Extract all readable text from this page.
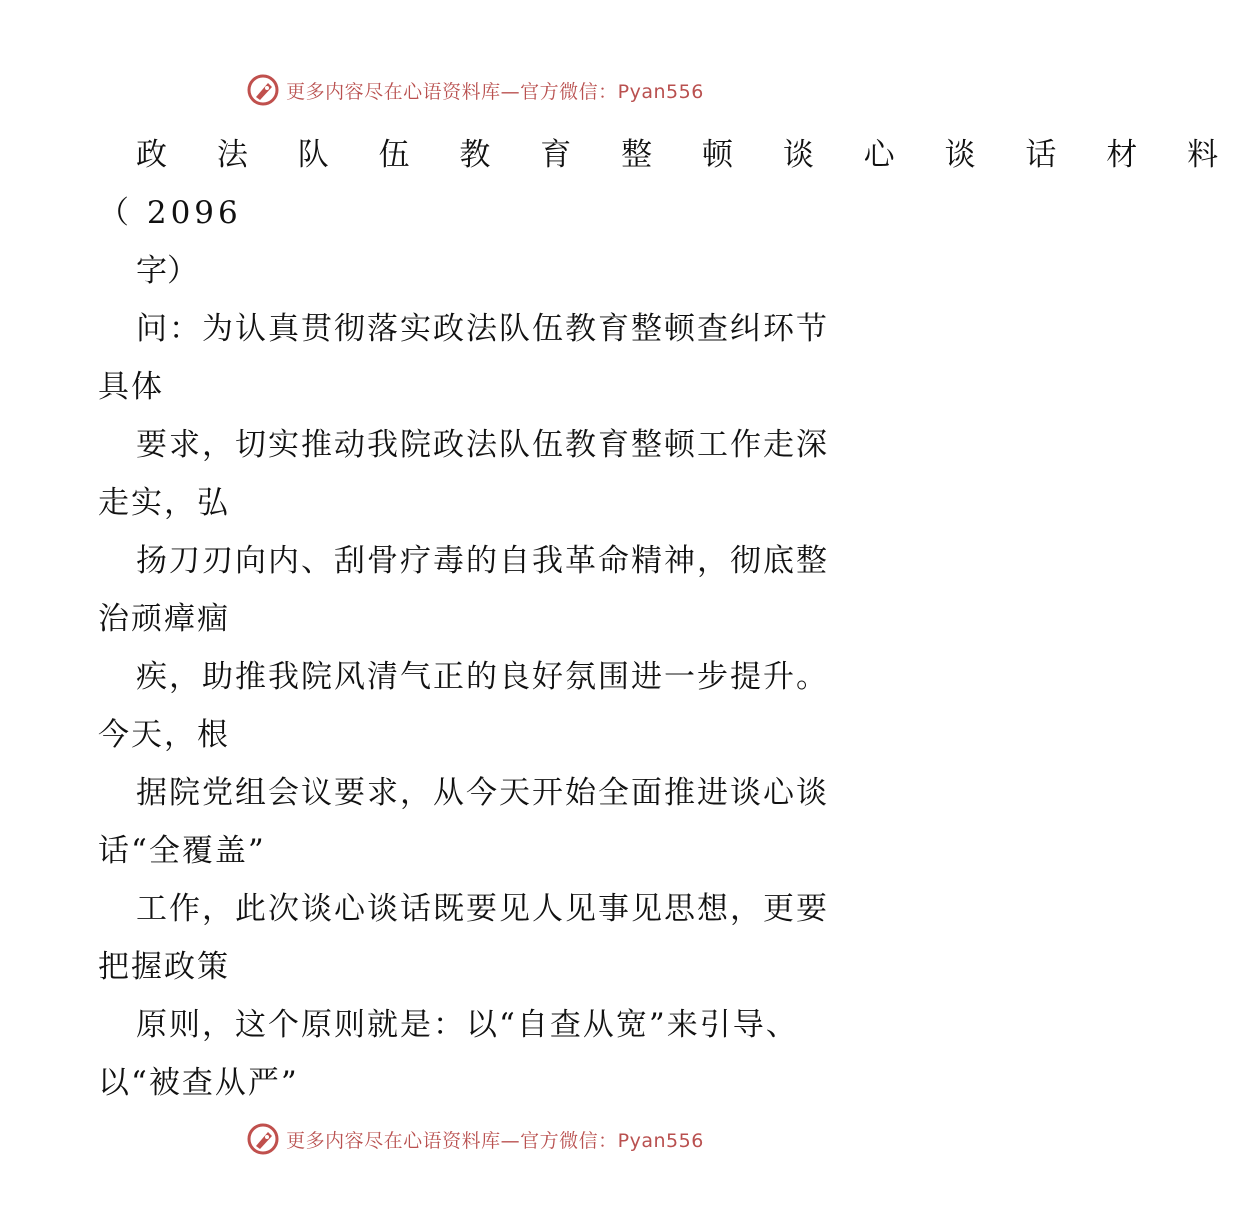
更多内容尽在心语资料库—官方微信：Pyan556
政 法 队 伍 教 育 整 顿 谈 心 谈 话 材 料
（ 2096
字）
问：为认真贯彻落实政法队伍教育整顿查纠环节
具体
要求，切实推动我院政法队伍教育整顿工作走深
走实，弘
扬刀刃向内、刮骨疗毒的自我革命精神，彻底整
治顽瘴痼
疾，助推我院风清气正的良好氛围进一步提升。
今天，根
据院党组会议要求，从今天开始全面推进谈心谈
话“全覆盖”
工作，此次谈心谈话既要见人见事见思想，更要
把握政策
原则，这个原则就是：以“自查从宽”来引导、
以“被查从严”
更多内容尽在心语资料库—官方微信：Pyan556
